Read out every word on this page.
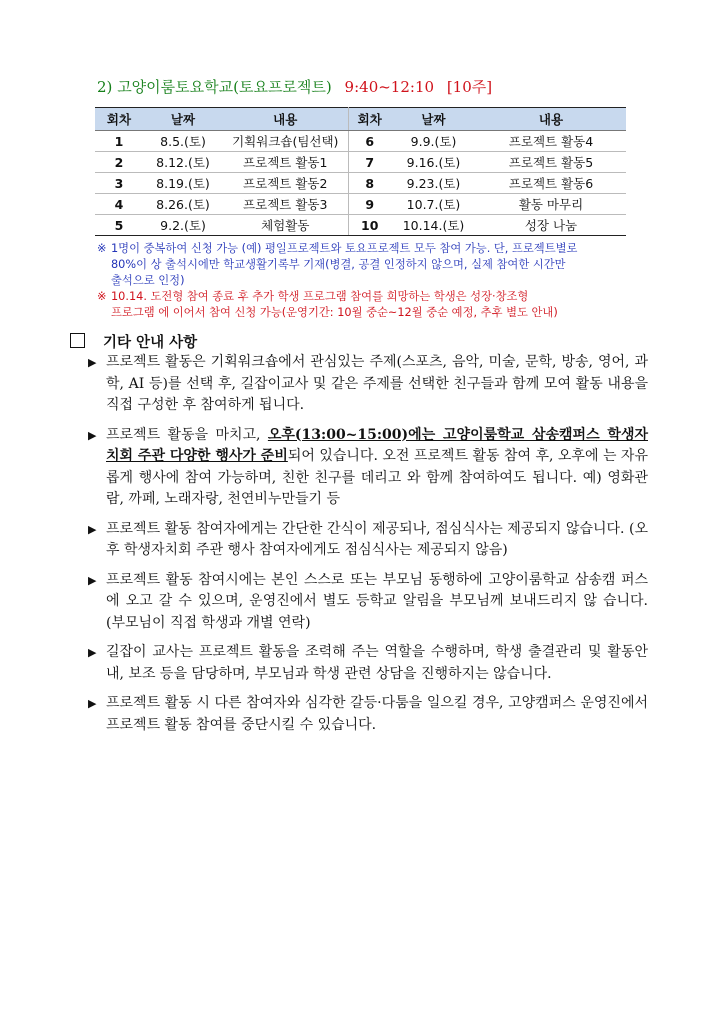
2) 고양이룸토요학교(토요프로젝트) 9:40~12:10 [10주]
회차	날짜	내용	회차	날짜	내용
1	8.5.(토)	기획워크숍(팀선택)	6	9.9.(토)	프로젝트 활동4
2	8.12.(토)	프로젝트 활동1	7	9.16.(토)	프로젝트 활동5
3	8.19.(토)	프로젝트 활동2	8	9.23.(토)	프로젝트 활동6
4	8.26.(토)	프로젝트 활동3	9	10.7.(토)	활동 마무리
5	9.2.(토)	체험활동	10	10.14.(토)	성장 나눔
※ 1명이 중복하여 신청 가능 (예) 평일프로젝트와 토요프로젝트 모두 참여 가능. 단, 프로젝트별로
80%이 상 출석시에만 학교생활기록부 기재(병결, 공결 인정하지 않으며, 실제 참여한 시간만
출석으로 인정)
※ 10.14. 도전형 참여 종료 후 추가 학생 프로그램 참여를 희망하는 학생은 성장·창조형
프로그램 에 이어서 참여 신청 가능(운영기간: 10월 중순~12월 중순 예정, 추후 별도 안내)
기타 안내 사항
▶ 프로젝트 활동은 기획워크숍에서 관심있는 주제(스포츠, 음악, 미술, 문학, 방송, 영어, 과학, AI 등)를 선택 후, 길잡이교사 및 같은 주제를 선택한 친구들과 함께 모여 활동 내용을 직접 구성한 후 참여하게 됩니다.
▶ 프로젝트 활동을 마치고, 오후(13:00~15:00)에는 고양이룸학교 삼송캠퍼스 학생자 치회 주관 다양한 행사가 준비되어 있습니다. 오전 프로젝트 활동 참여 후, 오후에 는 자유롭게 행사에 참여 가능하며, 친한 친구를 데리고 와 함께 참여하여도 됩니다. 예) 영화관람, 까페, 노래자랑, 천연비누만들기 등
▶ 프로젝트 활동 참여자에게는 간단한 간식이 제공되나, 점심식사는 제공되지 않습니다. (오후 학생자치회 주관 행사 참여자에게도 점심식사는 제공되지 않음)
▶ 프로젝트 활동 참여시에는 본인 스스로 또는 부모님 동행하에 고양이룸학교 삼송캠 퍼스에 오고 갈 수 있으며, 운영진에서 별도 등학교 알림을 부모님께 보내드리지 않 습니다. (부모님이 직접 학생과 개별 연락)
▶ 길잡이 교사는 프로젝트 활동을 조력해 주는 역할을 수행하며, 학생 출결관리 및 활동안내, 보조 등을 담당하며, 부모님과 학생 관련 상담을 진행하지는 않습니다.
▶ 프로젝트 활동 시 다른 참여자와 심각한 갈등·다툼을 일으킬 경우, 고양캠퍼스 운영진에서 프로젝트 활동 참여를 중단시킬 수 있습니다.
